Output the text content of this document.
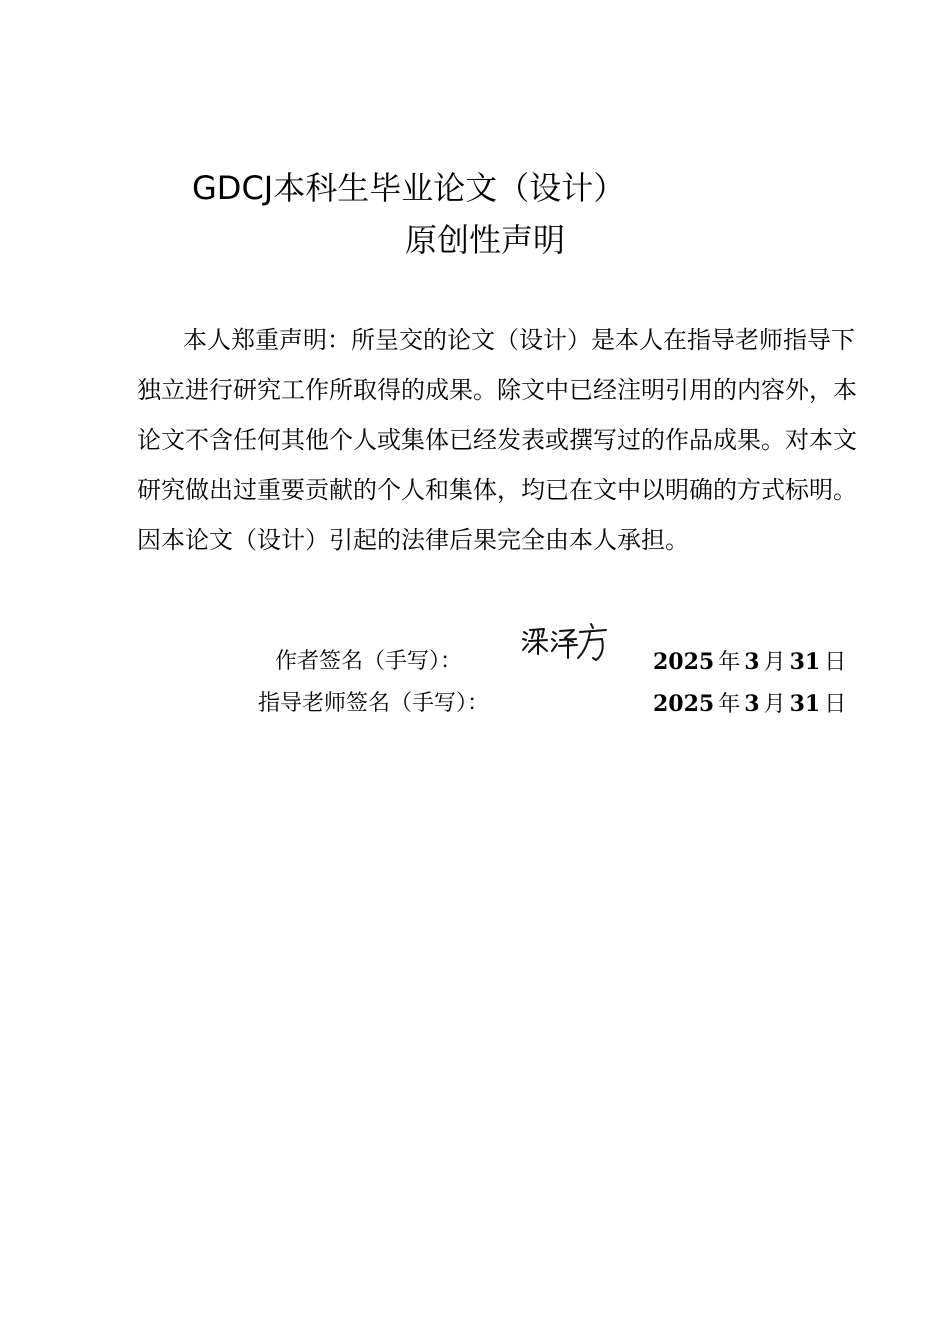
GDCJ本科生毕业论文（设计）
原创性声明
本人郑重声明：所呈交的论文（设计）是本人在指导老师指导下
独立进行研究工作所取得的成果。除文中已经注明引用的内容外，本
论文不含任何其他个人或集体已经发表或撰写过的作品成果。对本文
研究做出过重要贡献的个人和集体，均已在文中以明确的方式标明。
因本论文（设计）引起的法律后果完全由本人承担。
作者签名（手写）：	2025 年 3 月 31 日
指导老师签名（手写）：	2025 年 3 月 31 日
